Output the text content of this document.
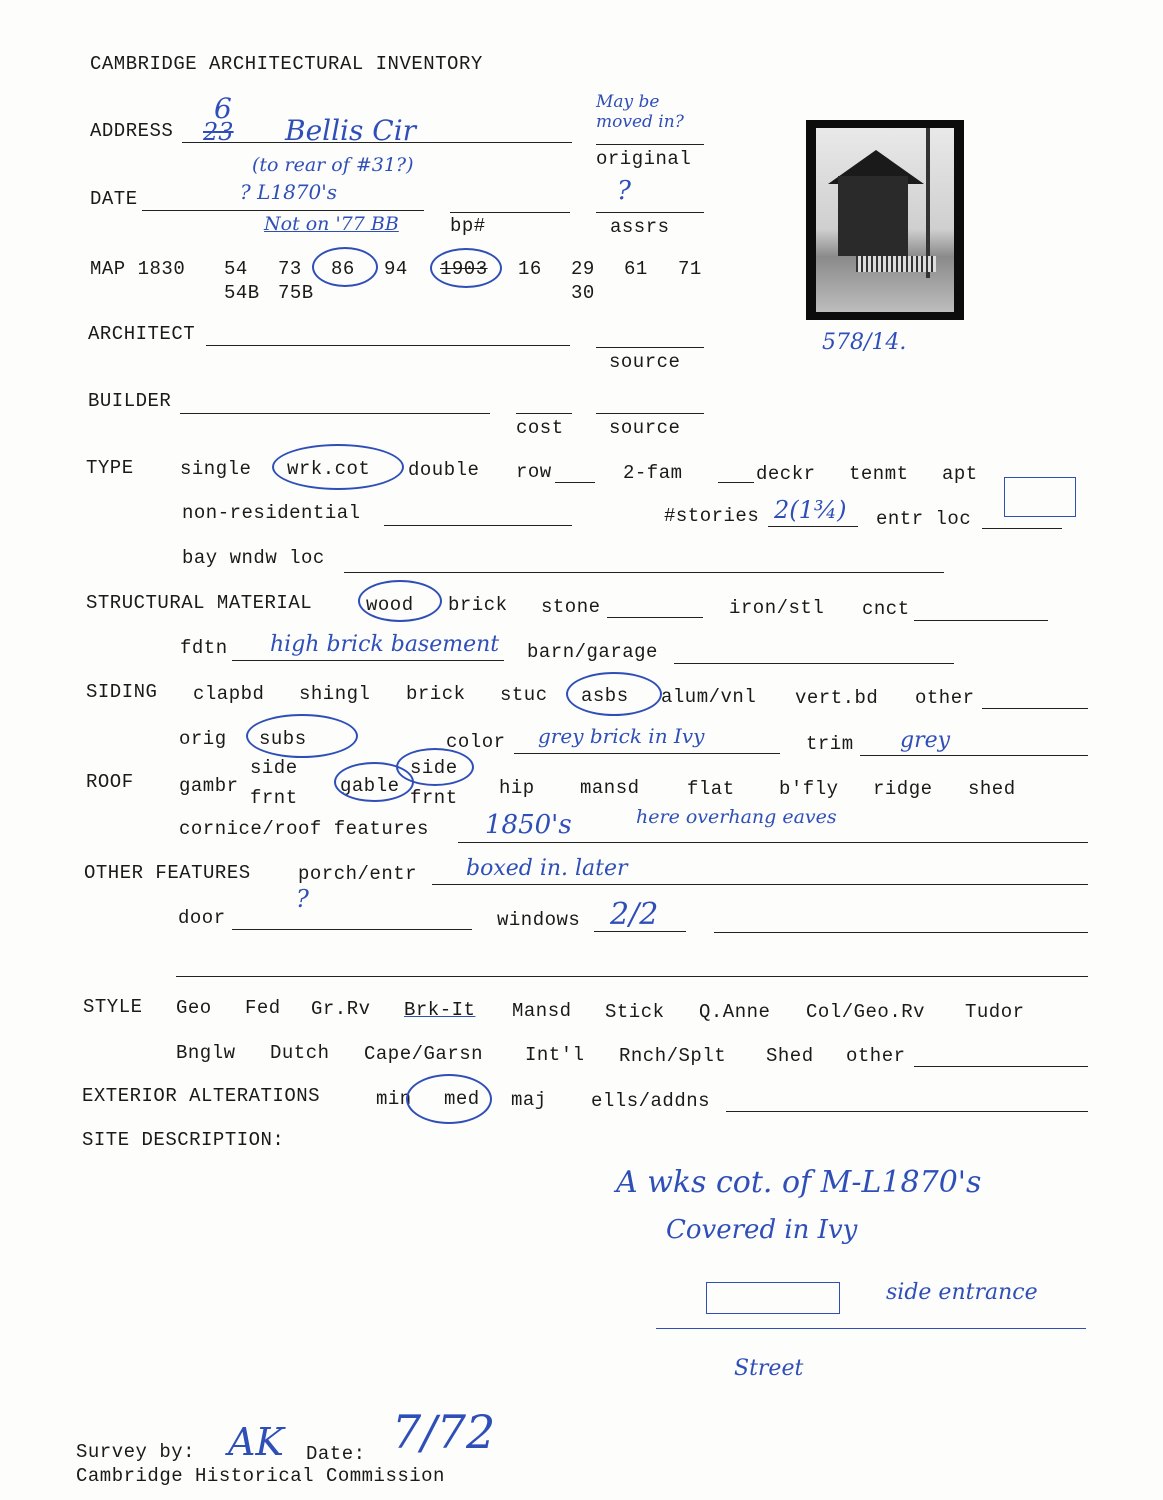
CAMBRIDGE ARCHITECTURAL INVENTORY
ADDRESS
6
23 Bellis Cir
(to rear of #31?)
May be moved in?
original
DATE	? L1870's
Not on '77 BB	bp#
?
assrs
MAP 1830 54 73 86 94 1903 16 29 61 71
54B 75B	30
578/14.
ARCHITECT
source
BUILDER
cost source
TYPE single wrk.cot double row	2-fam	deckr tenmt apt
non-residential	#stories 2(1¾) entr loc
bay wndw loc
STRUCTURAL MATERIAL	wood brick stone	iron/stl cnct
fdtn high brick basement barn/garage
SIDING clapbd shingl brick stuc asbs alum/vnl vert.bd other
orig subs	color grey brick in Ivy	trim grey
ROOF gambr
side
frnt
gable
side
frnt hip mansd flat b'fly ridge shed
cornice/roof features 1850's	here overhang eaves
OTHER FEATURES porch/entr boxed in. later
door
?
windows 2/2
STYLE Geo Fed Gr.Rv Brk-It Mansd Stick Q.Anne Col/Geo.Rv Tudor
Bnglw Dutch Cape/Garsn Int'l Rnch/Splt Shed other
EXTERIOR ALTERATIONS	min med maj ells/addns
SITE DESCRIPTION:
A wks cot. of M-L1870's
Covered in Ivy
side entrance
Street
Survey by: AK Date: 7/72
Cambridge Historical Commission
